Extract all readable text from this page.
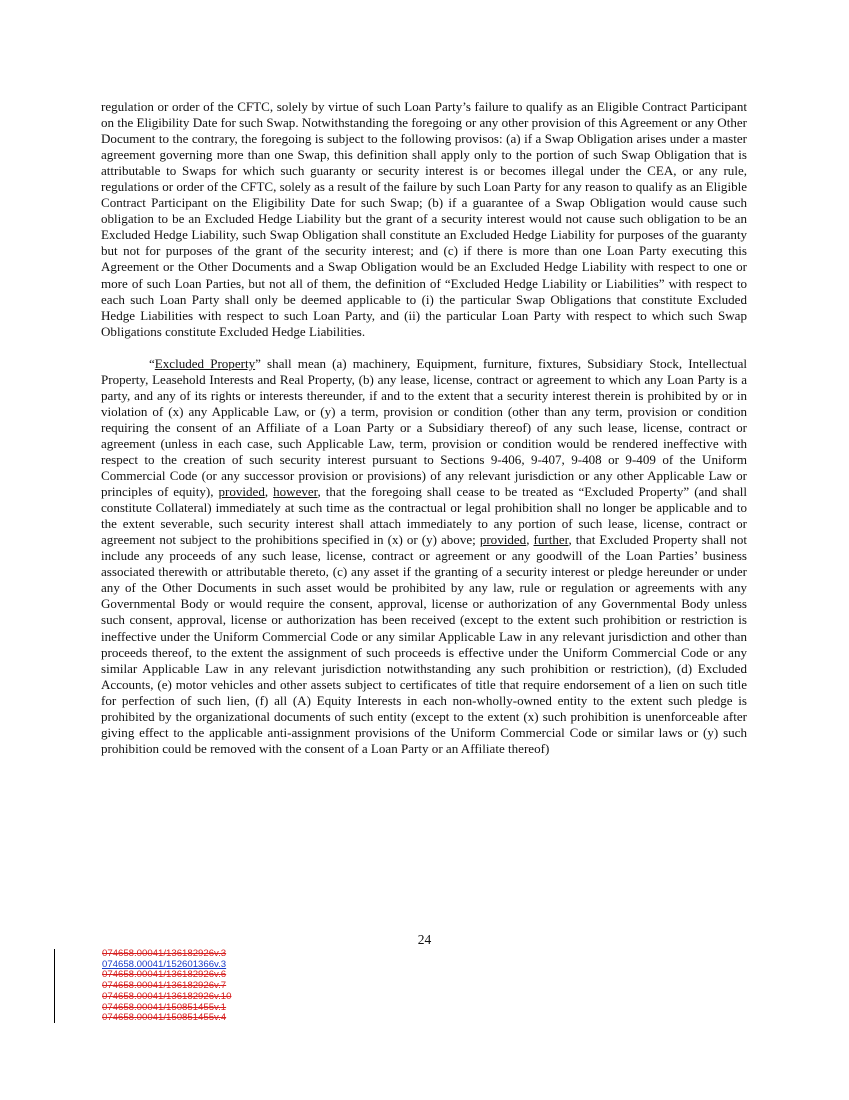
regulation or order of the CFTC, solely by virtue of such Loan Party’s failure to qualify as an Eligible Contract Participant on the Eligibility Date for such Swap. Notwithstanding the foregoing or any other provision of this Agreement or any Other Document to the contrary, the foregoing is subject to the following provisos: (a) if a Swap Obligation arises under a master agreement governing more than one Swap, this definition shall apply only to the portion of such Swap Obligation that is attributable to Swaps for which such guaranty or security interest is or becomes illegal under the CEA, or any rule, regulations or order of the CFTC, solely as a result of the failure by such Loan Party for any reason to qualify as an Eligible Contract Participant on the Eligibility Date for such Swap; (b) if a guarantee of a Swap Obligation would cause such obligation to be an Excluded Hedge Liability but the grant of a security interest would not cause such obligation to be an Excluded Hedge Liability, such Swap Obligation shall constitute an Excluded Hedge Liability for purposes of the guaranty but not for purposes of the grant of the security interest; and (c) if there is more than one Loan Party executing this Agreement or the Other Documents and a Swap Obligation would be an Excluded Hedge Liability with respect to one or more of such Loan Parties, but not all of them, the definition of “Excluded Hedge Liability or Liabilities” with respect to each such Loan Party shall only be deemed applicable to (i) the particular Swap Obligations that constitute Excluded Hedge Liabilities with respect to such Loan Party, and (ii) the particular Loan Party with respect to which such Swap Obligations constitute Excluded Hedge Liabilities.

“Excluded Property” shall mean (a) machinery, Equipment, furniture, fixtures, Subsidiary Stock, Intellectual Property, Leasehold Interests and Real Property, (b) any lease, license, contract or agreement to which any Loan Party is a party, and any of its rights or interests thereunder, if and to the extent that a security interest therein is prohibited by or in violation of (x) any Applicable Law, or (y) a term, provision or condition (other than any term, provision or condition requiring the consent of an Affiliate of a Loan Party or a Subsidiary thereof) of any such lease, license, contract or agreement (unless in each case, such Applicable Law, term, provision or condition would be rendered ineffective with respect to the creation of such security interest pursuant to Sections 9-406, 9-407, 9-408 or 9-409 of the Uniform Commercial Code (or any successor provision or provisions) of any relevant jurisdiction or any other Applicable Law or principles of equity), provided, however, that the foregoing shall cease to be treated as “Excluded Property” (and shall constitute Collateral) immediately at such time as the contractual or legal prohibition shall no longer be applicable and to the extent severable, such security interest shall attach immediately to any portion of such lease, license, contract or agreement not subject to the prohibitions specified in (x) or (y) above; provided, further, that Excluded Property shall not include any proceeds of any such lease, license, contract or agreement or any goodwill of the Loan Parties’ business associated therewith or attributable thereto, (c) any asset if the granting of a security interest or pledge hereunder or under any of the Other Documents in such asset would be prohibited by any law, rule or regulation or agreements with any Governmental Body or would require the consent, approval, license or authorization of any Governmental Body unless such consent, approval, license or authorization has been received (except to the extent such prohibition or restriction is ineffective under the Uniform Commercial Code or any similar Applicable Law in any relevant jurisdiction and other than proceeds thereof, to the extent the assignment of such proceeds is effective under the Uniform Commercial Code or any similar Applicable Law in any relevant jurisdiction notwithstanding any such prohibition or restriction), (d) Excluded Accounts, (e) motor vehicles and other assets subject to certificates of title that require endorsement of a lien on such title for perfection of such lien, (f) all (A) Equity Interests in each non-wholly-owned entity to the extent such pledge is prohibited by the organizational documents of such entity (except to the extent (x) such prohibition is unenforceable after giving effect to the applicable anti-assignment provisions of the Uniform Commercial Code or similar laws or (y) such prohibition could be removed with the consent of a Loan Party or an Affiliate thereof)

24
074658.00041/136182926v.3
074658.00041/152601366v.3
074658.00041/136182926v.6
074658.00041/136182926v.7
074658.00041/136182926v.10
074658.00041/150851455v.1
074658.00041/150851455v.4
